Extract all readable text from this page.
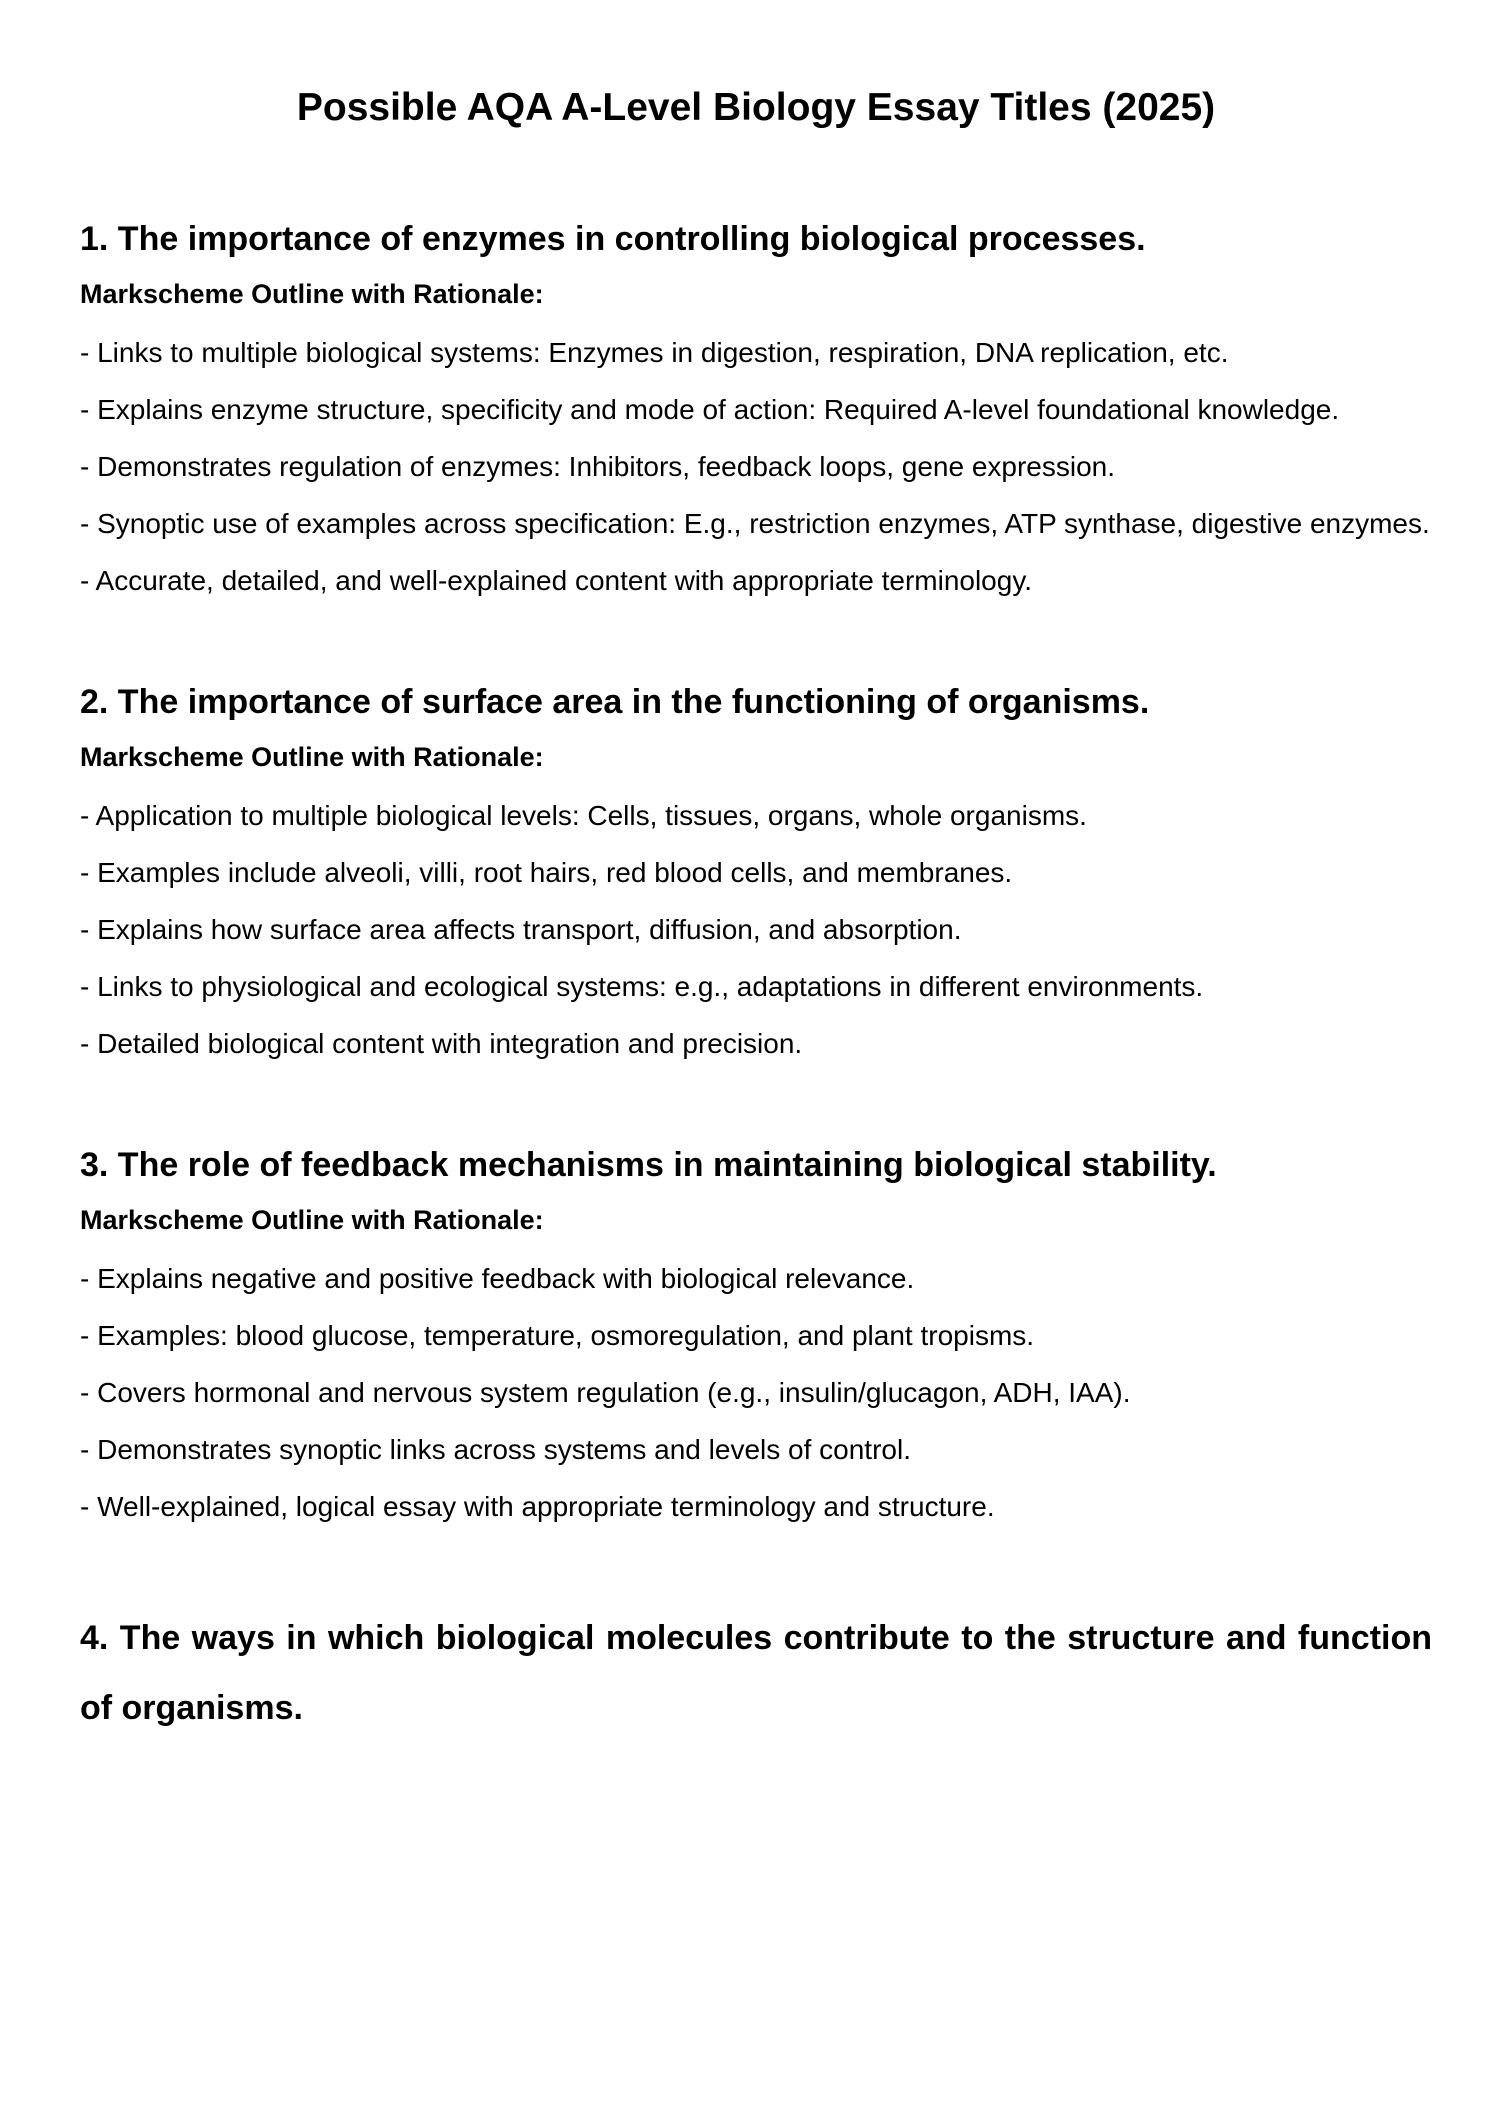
Possible AQA A-Level Biology Essay Titles (2025)
1. The importance of enzymes in controlling biological processes.
Markscheme Outline with Rationale:

- Links to multiple biological systems: Enzymes in digestion, respiration, DNA replication, etc.

- Explains enzyme structure, specificity and mode of action: Required A-level foundational knowledge.

- Demonstrates regulation of enzymes: Inhibitors, feedback loops, gene expression.

- Synoptic use of examples across specification: E.g., restriction enzymes, ATP synthase, digestive enzymes.

- Accurate, detailed, and well-explained content with appropriate terminology.

2. The importance of surface area in the functioning of organisms.
Markscheme Outline with Rationale:

- Application to multiple biological levels: Cells, tissues, organs, whole organisms.

- Examples include alveoli, villi, root hairs, red blood cells, and membranes.

- Explains how surface area affects transport, diffusion, and absorption.

- Links to physiological and ecological systems: e.g., adaptations in different environments.

- Detailed biological content with integration and precision.

3. The role of feedback mechanisms in maintaining biological stability.
Markscheme Outline with Rationale:

- Explains negative and positive feedback with biological relevance.

- Examples: blood glucose, temperature, osmoregulation, and plant tropisms.

- Covers hormonal and nervous system regulation (e.g., insulin/glucagon, ADH, IAA).

- Demonstrates synoptic links across systems and levels of control.

- Well-explained, logical essay with appropriate terminology and structure.

4. The ways in which biological molecules contribute to the structure and function of organisms.
